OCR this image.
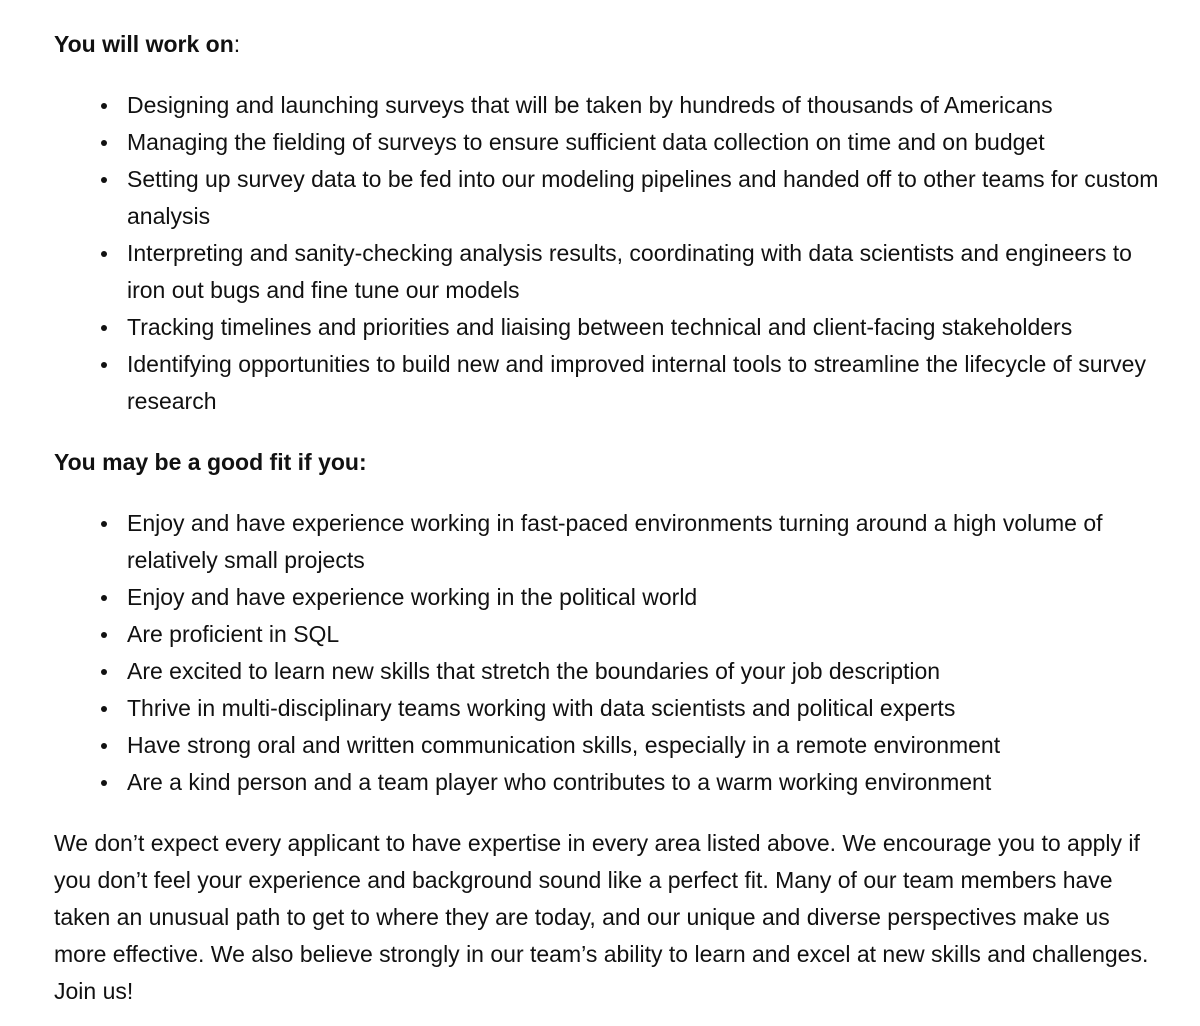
You will work on:

Designing and launching surveys that will be taken by hundreds of thousands of Americans
Managing the fielding of surveys to ensure sufficient data collection on time and on budget
Setting up survey data to be fed into our modeling pipelines and handed off to other teams for custom analysis
Interpreting and sanity-checking analysis results, coordinating with data scientists and engineers to iron out bugs and fine tune our models
Tracking timelines and priorities and liaising between technical and client-facing stakeholders
Identifying opportunities to build new and improved internal tools to streamline the lifecycle of survey research

You may be a good fit if you:

Enjoy and have experience working in fast-paced environments turning around a high volume of relatively small projects
Enjoy and have experience working in the political world
Are proficient in SQL
Are excited to learn new skills that stretch the boundaries of your job description
Thrive in multi-disciplinary teams working with data scientists and political experts
Have strong oral and written communication skills, especially in a remote environment
Are a kind person and a team player who contributes to a warm working environment

We don’t expect every applicant to have expertise in every area listed above. We encourage you to apply if you don’t feel your experience and background sound like a perfect fit. Many of our team members have taken an unusual path to get to where they are today, and our unique and diverse perspectives make us more effective. We also believe strongly in our team’s ability to learn and excel at new skills and challenges. Join us!
